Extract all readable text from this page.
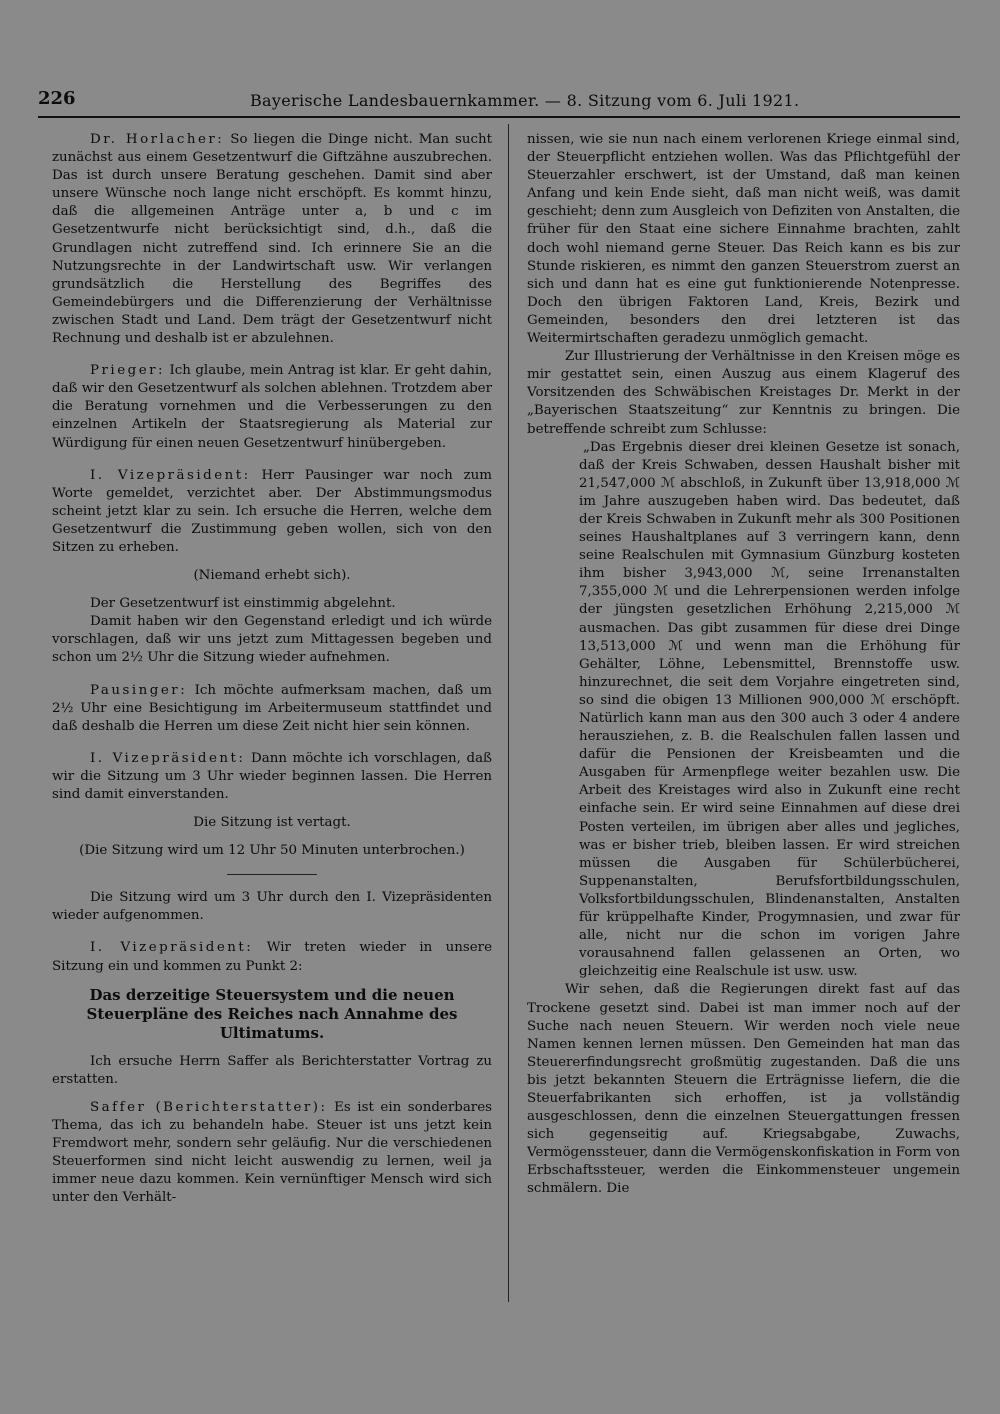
226	Bayerische Landesbauernkammer. — 8. Sitzung vom 6. Juli 1921.

Dr. Horlacher: So liegen die Dinge nicht. Man sucht zunächst aus einem Gesetzentwurf die Giftzähne auszubrechen. Das ist durch unsere Beratung geschehen. Damit sind aber unsere Wünsche noch lange nicht erschöpft. Es kommt hinzu, daß die allgemeinen Anträge unter a, b und c im Gesetzentwurfe nicht berücksichtigt sind, d.h., daß die Grundlagen nicht zutreffend sind. Ich erinnere Sie an die Nutzungsrechte in der Landwirtschaft usw. Wir verlangen grundsätzlich die Herstellung des Begriffes des Gemeindebürgers und die Differenzierung der Verhältnisse zwischen Stadt und Land. Dem trägt der Gesetzentwurf nicht Rechnung und deshalb ist er abzulehnen.

Prieger: Ich glaube, mein Antrag ist klar. Er geht dahin, daß wir den Gesetzentwurf als solchen ablehnen. Trotzdem aber die Beratung vornehmen und die Verbesserungen zu den einzelnen Artikeln der Staatsregierung als Material zur Würdigung für einen neuen Gesetzentwurf hinübergeben.

I. Vizepräsident: Herr Pausinger war noch zum Worte gemeldet, verzichtet aber. Der Abstimmungsmodus scheint jetzt klar zu sein. Ich ersuche die Herren, welche dem Gesetzentwurf die Zustimmung geben wollen, sich von den Sitzen zu erheben.

(Niemand erhebt sich).

Der Gesetzentwurf ist einstimmig abgelehnt.

Damit haben wir den Gegenstand erledigt und ich würde vorschlagen, daß wir uns jetzt zum Mittagessen begeben und schon um 2½ Uhr die Sitzung wieder aufnehmen.

Pausinger: Ich möchte aufmerksam machen, daß um 2½ Uhr eine Besichtigung im Arbeitermuseum stattfindet und daß deshalb die Herren um diese Zeit nicht hier sein können.

I. Vizepräsident: Dann möchte ich vorschlagen, daß wir die Sitzung um 3 Uhr wieder beginnen lassen. Die Herren sind damit einverstanden.

Die Sitzung ist vertagt.

(Die Sitzung wird um 12 Uhr 50 Minuten unterbrochen.)

Die Sitzung wird um 3 Uhr durch den I. Vizepräsidenten wieder aufgenommen.

I. Vizepräsident: Wir treten wieder in unsere Sitzung ein und kommen zu Punkt 2:

Das derzeitige Steuersystem und die neuen Steuerpläne des Reiches nach Annahme des Ultimatums.

Ich ersuche Herrn Saffer als Berichterstatter Vortrag zu erstatten.

Saffer (Berichterstatter): Es ist ein sonderbares Thema, das ich zu behandeln habe. Steuer ist uns jetzt kein Fremdwort mehr, sondern sehr geläufig. Nur die verschiedenen Steuerformen sind nicht leicht auswendig zu lernen, weil ja immer neue dazu kommen. Kein vernünftiger Mensch wird sich unter den Verhält-

nissen, wie sie nun nach einem verlorenen Kriege einmal sind, der Steuerpflicht entziehen wollen. Was das Pflichtgefühl der Steuerzahler erschwert, ist der Umstand, daß man keinen Anfang und kein Ende sieht, daß man nicht weiß, was damit geschieht; denn zum Ausgleich von Defiziten von Anstalten, die früher für den Staat eine sichere Einnahme brachten, zahlt doch wohl niemand gerne Steuer. Das Reich kann es bis zur Stunde riskieren, es nimmt den ganzen Steuerstrom zuerst an sich und dann hat es eine gut funktionierende Notenpresse. Doch den übrigen Faktoren Land, Kreis, Bezirk und Gemeinden, besonders den drei letzteren ist das Weitermirtschaften geradezu unmöglich gemacht.

Zur Illustrierung der Verhältnisse in den Kreisen möge es mir gestattet sein, einen Auszug aus einem Klageruf des Vorsitzenden des Schwäbischen Kreistages Dr. Merkt in der „Bayerischen Staatszeitung“ zur Kenntnis zu bringen. Die betreffende schreibt zum Schlusse:

„Das Ergebnis dieser drei kleinen Gesetze ist sonach, daß der Kreis Schwaben, dessen Haushalt bisher mit 21,547,000 ℳ abschloß, in Zukunft über 13,918,000 ℳ im Jahre auszugeben haben wird. Das bedeutet, daß der Kreis Schwaben in Zukunft mehr als 300 Positionen seines Haushaltplanes auf 3 verringern kann, denn seine Realschulen mit Gymnasium Günzburg kosteten ihm bisher 3,943,000 ℳ, seine Irrenanstalten 7,355,000 ℳ und die Lehrerpensionen werden infolge der jüngsten gesetzlichen Erhöhung 2,215,000 ℳ ausmachen. Das gibt zusammen für diese drei Dinge 13,513,000 ℳ und wenn man die Erhöhung für Gehälter, Löhne, Lebensmittel, Brennstoffe usw. hinzurechnet, die seit dem Vorjahre eingetreten sind, so sind die obigen 13 Millionen 900,000 ℳ erschöpft. Natürlich kann man aus den 300 auch 3 oder 4 andere herausziehen, z. B. die Realschulen fallen lassen und dafür die Pensionen der Kreisbeamten und die Ausgaben für Armenpflege weiter bezahlen usw. Die Arbeit des Kreistages wird also in Zukunft eine recht einfache sein. Er wird seine Einnahmen auf diese drei Posten verteilen, im übrigen aber alles und jegliches, was er bisher trieb, bleiben lassen. Er wird streichen müssen die Ausgaben für Schülerbücherei, Suppenanstalten, Berufsfortbildungsschulen, Volksfortbildungsschulen, Blindenanstalten, Anstalten für krüppelhafte Kinder, Progymnasien, und zwar für alle, nicht nur die schon im vorigen Jahre vorausahnend fallen gelassenen an Orten, wo gleichzeitig eine Realschule ist usw. usw.

Wir sehen, daß die Regierungen direkt fast auf das Trockene gesetzt sind. Dabei ist man immer noch auf der Suche nach neuen Steuern. Wir werden noch viele neue Namen kennen lernen müssen. Den Gemeinden hat man das Steuererfindungsrecht großmütig zugestanden. Daß die uns bis jetzt bekannten Steuern die Erträgnisse liefern, die die Steuerfabrikanten sich erhoffen, ist ja vollständig ausgeschlossen, denn die einzelnen Steuergattungen fressen sich gegenseitig auf. Kriegsabgabe, Zuwachs, Vermögenssteuer, dann die Vermögenskonfiskation in Form von Erbschaftssteuer, werden die Einkommensteuer ungemein schmälern. Die
